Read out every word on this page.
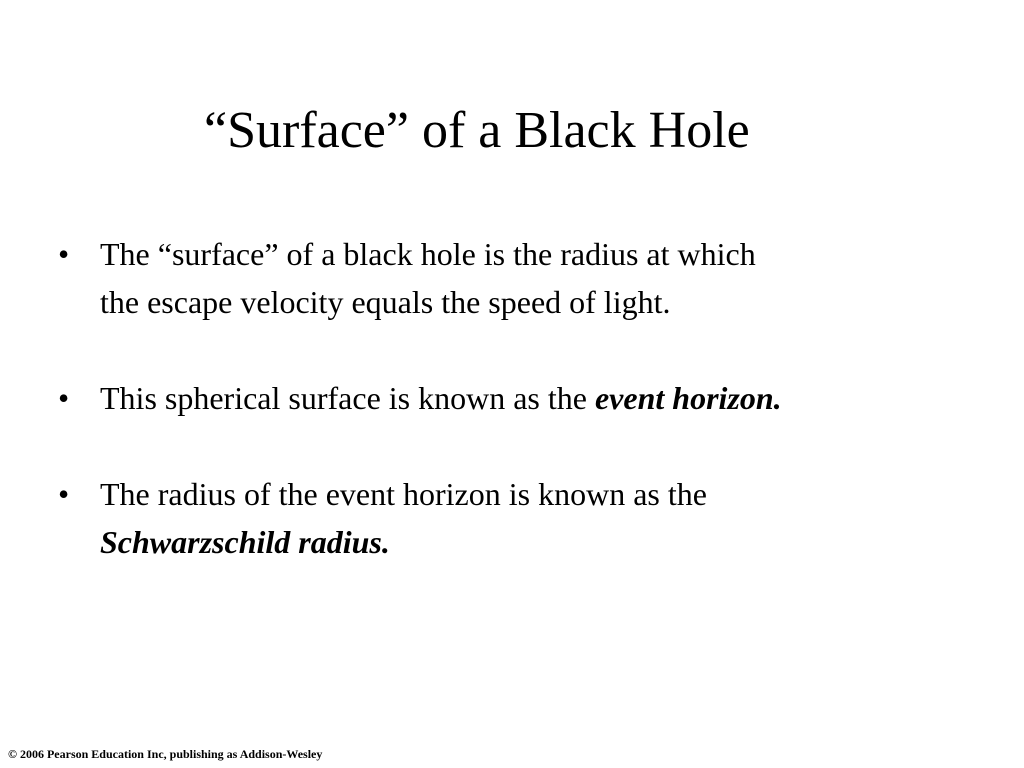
“Surface” of a Black Hole
• The “surface” of a black hole is the radius at which
the escape velocity equals the speed of light.
• This spherical surface is known as the event horizon.
• The radius of the event horizon is known as the
Schwarzschild radius.
© 2006 Pearson Education Inc, publishing as Addison-Wesley
